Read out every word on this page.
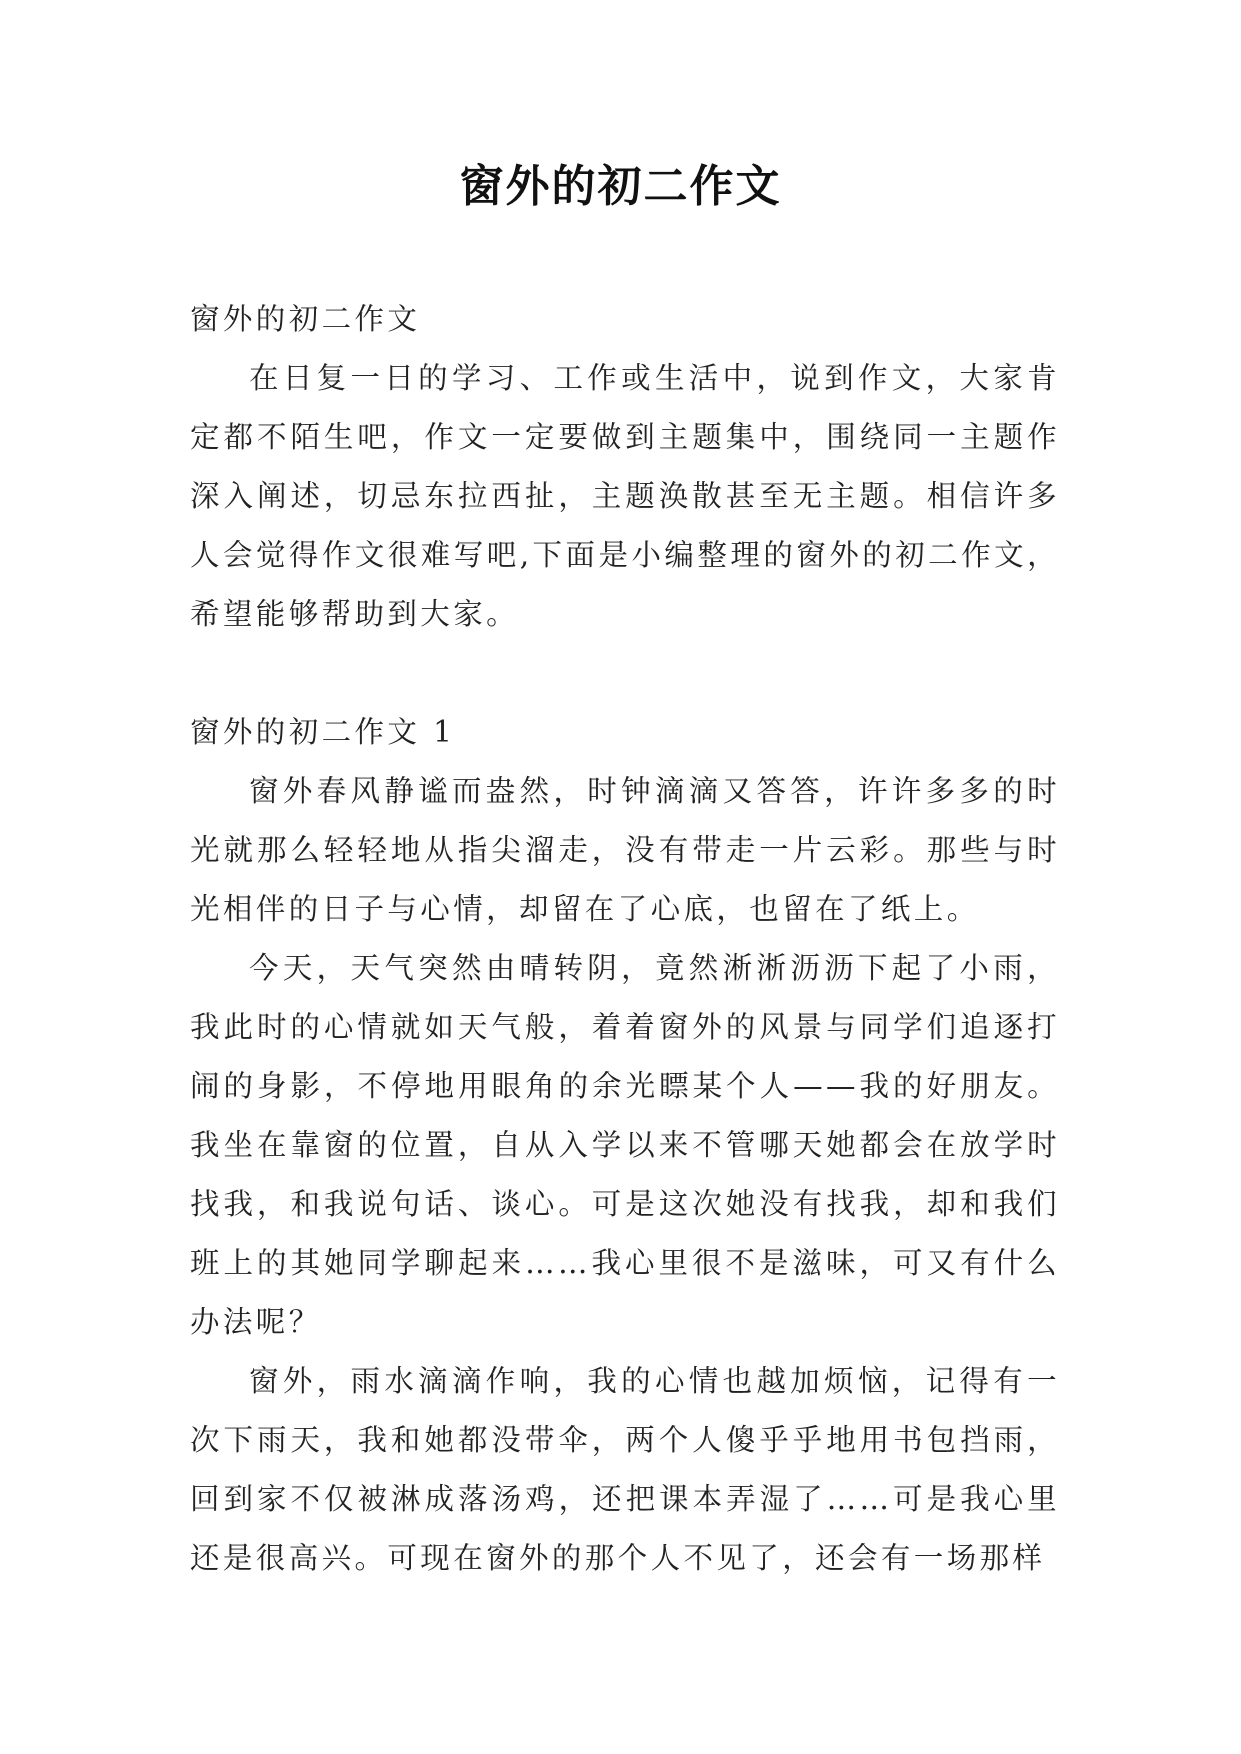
窗外的初二作文

窗外的初二作文

在日复一日的学习、工作或生活中，说到作文，大家肯定都不陌生吧，作文一定要做到主题集中，围绕同一主题作深入阐述，切忌东拉西扯，主题涣散甚至无主题。相信许多人会觉得作文很难写吧,下面是小编整理的窗外的初二作文，希望能够帮助到大家。

窗外的初二作文 1

窗外春风静谧而盎然，时钟滴滴又答答，许许多多的时光就那么轻轻地从指尖溜走，没有带走一片云彩。那些与时光相伴的日子与心情，却留在了心底，也留在了纸上。

今天，天气突然由晴转阴，竟然淅淅沥沥下起了小雨，我此时的心情就如天气般，着着窗外的风景与同学们追逐打闹的身影，不停地用眼角的余光瞟某个人——我的好朋友。我坐在靠窗的位置，自从入学以来不管哪天她都会在放学时找我，和我说句话、谈心。可是这次她没有找我，却和我们班上的其她同学聊起来……我心里很不是滋味，可又有什么办法呢？

窗外，雨水滴滴作响，我的心情也越加烦恼，记得有一次下雨天，我和她都没带伞，两个人傻乎乎地用书包挡雨，回到家不仅被淋成落汤鸡，还把课本弄湿了……可是我心里还是很高兴。可现在窗外的那个人不见了，还会有一场那样
